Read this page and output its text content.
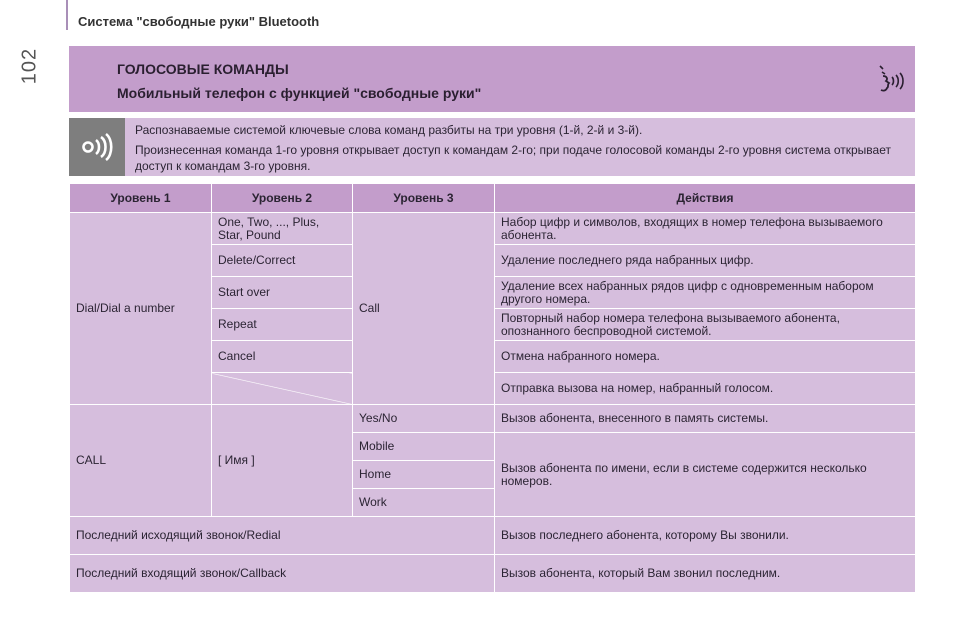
102
Система "свободные руки" Bluetooth
ГОЛОСОВЫЕ КОМАНДЫ
Мобильный телефон с функцией "свободные руки"

Распознаваемые системой ключевые слова команд разбиты на три уровня (1-й, 2-й и 3-й).

Произнесенная команда 1-го уровня открывает доступ к командам 2-го; при подаче голосовой команды 2-го уровня система открывает доступ к командам 3-го уровня.

Уровень 1	Уровень 2	Уровень 3	Действия
Dial/Dial a number	One, Two, ..., Plus, Star, Pound	Call	Набор цифр и символов, входящих в номер телефона вызываемого абонента.
	Delete/Correct		Удаление последнего ряда набранных цифр.
	Start over		Удаление всех набранных рядов цифр с одновременным набором другого номера.
	Repeat		Повторный набор номера телефона вызываемого абонента, опознанного беспроводной системой.
	Cancel		Отмена набранного номера.
			Отправка вызова на номер, набранный голосом.
CALL	[ Имя ]	Yes/No	Вызов абонента, внесенного в память системы.
		Mobile	Вызов абонента по имени, если в системе содержится несколько номеров.
		Home	
		Work	
Последний исходящий звонок/Redial			Вызов последнего абонента, которому Вы звонили.
Последний входящий звонок/Callback			Вызов абонента, который Вам звонил последним.
